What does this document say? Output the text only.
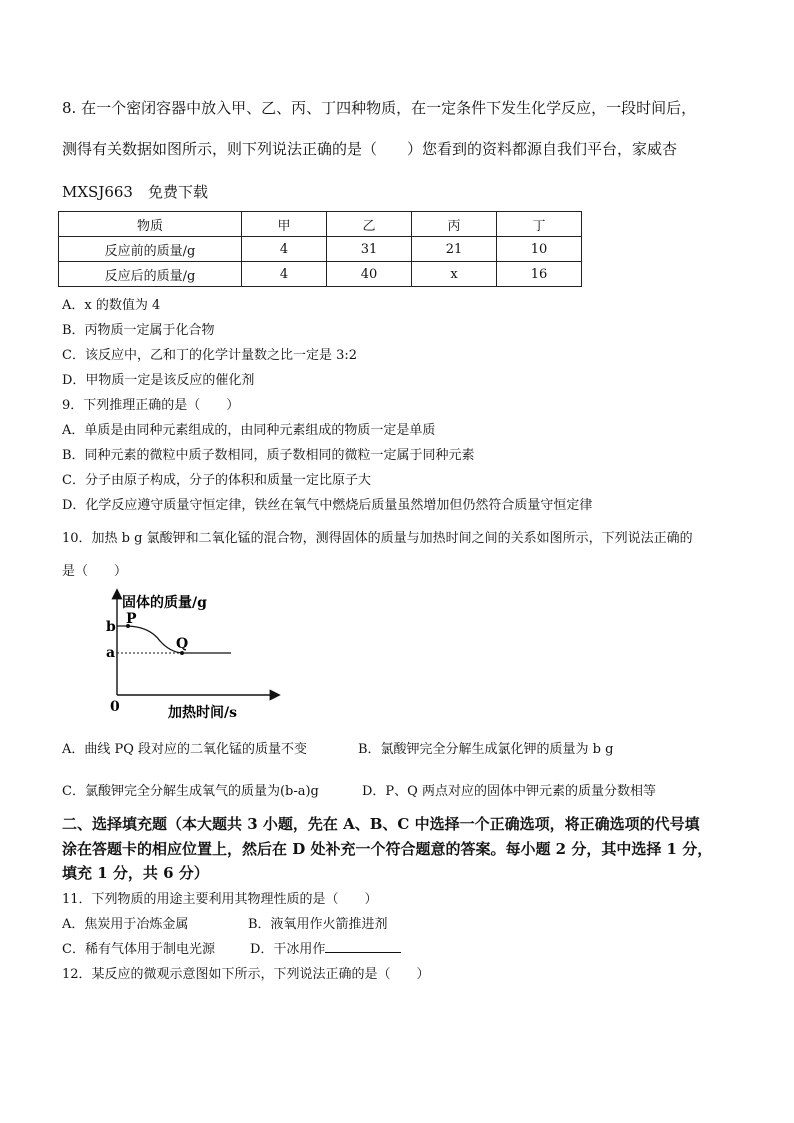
8. 在一个密闭容器中放入甲、乙、丙、丁四种物质，在一定条件下发生化学反应，一段时间后，
测得有关数据如图所示，则下列说法正确的是（　　）您看到的资料都源自我们平台，家威杏
MXSJ663　免费下载
物质	甲	乙	丙	丁
反应前的质量/g	4	31	21	10
反应后的质量/g	4	40	x	16
A．x 的数值为 4
B．丙物质一定属于化合物
C．该反应中，乙和丁的化学计量数之比一定是 3:2
D．甲物质一定是该反应的催化剂
9．下列推理正确的是（　　）
A．单质是由同种元素组成的，由同种元素组成的物质一定是单质
B．同种元素的微粒中质子数相同，质子数相同的微粒一定属于同种元素
C．分子由原子构成，分子的体积和质量一定比原子大
D．化学反应遵守质量守恒定律，铁丝在氧气中燃烧后质量虽然增加但仍然符合质量守恒定律
10．加热 b g 氯酸钾和二氧化锰的混合物，测得固体的质量与加热时间之间的关系如图所示，下列说法正确的
是（　　）
固体的质量/g
加热时间/s
0
b
a
P
Q
A．曲线 PQ 段对应的二氧化锰的质量不变	B．氯酸钾完全分解生成氯化钾的质量为 b g
C．氯酸钾完全分解生成氧气的质量为(b-a)g	D．P、Q 两点对应的固体中钾元素的质量分数相等
二、选择填充题（本大题共 3 小题，先在 A、B、C 中选择一个正确选项，将正确选项的代号填
涂在答题卡的相应位置上，然后在 D 处补充一个符合题意的答案。每小题 2 分，其中选择 1 分，
填充 1 分，共 6 分）
11．下列物质的用途主要利用其物理性质的是（　　）
A．焦炭用于冶炼金属	B．液氧用作火箭推进剂
C．稀有气体用于制电光源	D．干冰用作
12．某反应的微观示意图如下所示，下列说法正确的是（　　）
